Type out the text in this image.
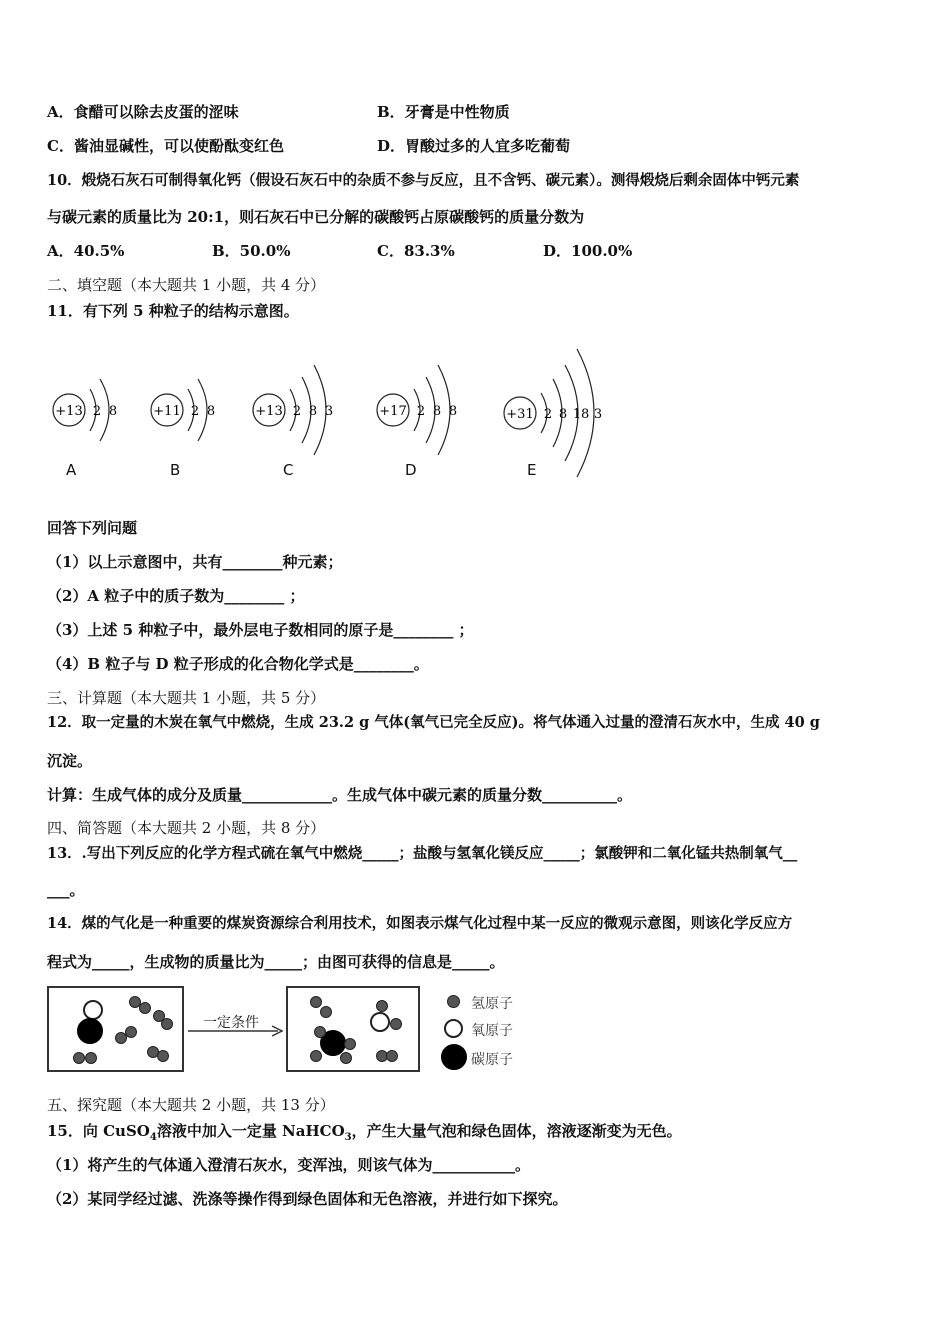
A．食醋可以除去皮蛋的涩味	B．牙膏是中性物质
C．酱油显碱性，可以使酚酞变红色	D．胃酸过多的人宜多吃葡萄
10．煅烧石灰石可制得氧化钙（假设石灰石中的杂质不参与反应，且不含钙、碳元素）。测得煅烧后剩余固体中钙元素
与碳元素的质量比为 20:1，则石灰石中已分解的碳酸钙占原碳酸钙的质量分数为
A．40.5%	B．50.0%	C．83.3%	D．100.0%
二、填空题（本大题共 1 小题，共 4 分）
11．有下列 5 种粒子的结构示意图。
+13 2 8
A
+11 2 8
B
+13 2 8 3
C
+17 2 8 8
D
+31 2 8 18 3
E
回答下列问题
（1）以上示意图中，共有________种元素；
（2）A 粒子中的质子数为________ ；
（3）上述 5 种粒子中，最外层电子数相同的原子是________ ；
（4）B 粒子与 D 粒子形成的化合物化学式是________。
三、计算题（本大题共 1 小题，共 5 分）
12．取一定量的木炭在氧气中燃烧，生成 23.2 g 气体(氧气已完全反应)。将气体通入过量的澄清石灰水中，生成 40 g
沉淀。
计算：生成气体的成分及质量____________。生成气体中碳元素的质量分数__________。
四、简答题（本大题共 2 小题，共 8 分）
13．.写出下列反应的化学方程式硫在氧气中燃烧_____；盐酸与氢氧化镁反应_____；氯酸钾和二氧化锰共热制氧气__
___。
14．煤的气化是一种重要的煤炭资源综合利用技术，如图表示煤气化过程中某一反应的微观示意图，则该化学反应方
程式为_____，生成物的质量比为_____；由图可获得的信息是_____。
一定条件
氢原子
氧原子
碳原子
五、探究题（本大题共 2 小题，共 13 分）
15．向 CuSO$_4$溶液中加入一定量 NaHCO$_3$，产生大量气泡和绿色固体，溶液逐渐变为无色。
（1）将产生的气体通入澄清石灰水，变浑浊，则该气体为___________。
（2）某同学经过滤、洗涤等操作得到绿色固体和无色溶液，并进行如下探究。
